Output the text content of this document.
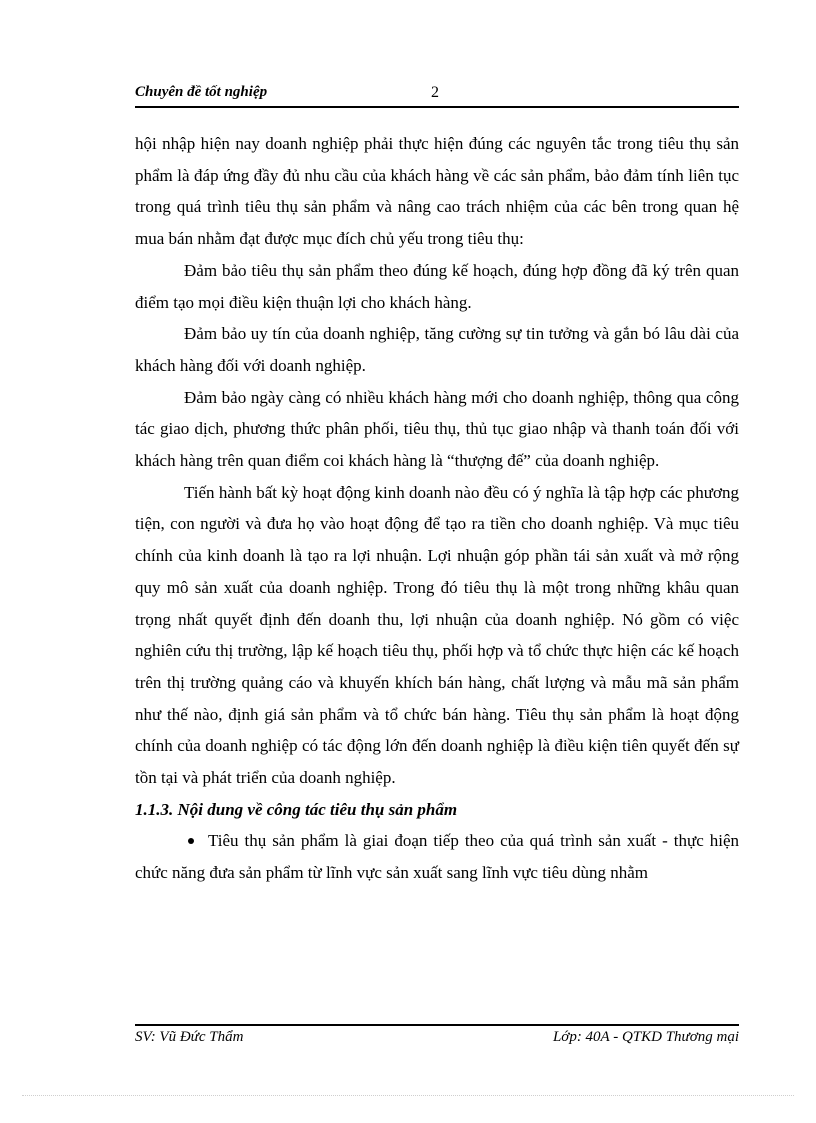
Chuyên đề tốt nghiệp	2

hội nhập hiện nay doanh nghiệp phải thực hiện đúng các nguyên tắc trong tiêu thụ sản phẩm là đáp ứng đầy đủ nhu cầu của khách hàng về các sản phẩm, bảo đảm tính liên tục trong quá trình tiêu thụ sản phẩm và nâng cao trách nhiệm của các bên trong quan hệ mua bán nhằm đạt được mục đích chủ yếu trong tiêu thụ:

Đảm bảo tiêu thụ sản phẩm theo đúng kế hoạch, đúng hợp đồng đã ký trên quan điểm tạo mọi điều kiện thuận lợi cho khách hàng.

Đảm bảo uy tín của doanh nghiệp, tăng cường sự tin tưởng và gắn bó lâu dài của khách hàng đối với doanh nghiệp.

Đảm bảo ngày càng có nhiều khách hàng mới cho doanh nghiệp, thông qua công tác giao dịch, phương thức phân phối, tiêu thụ, thủ tục giao nhập và thanh toán đối với khách hàng trên quan điểm coi khách hàng là “thượng đế” của doanh nghiệp.

Tiến hành bất kỳ hoạt động kinh doanh nào đều có ý nghĩa là tập hợp các phương tiện, con người và đưa họ vào hoạt động để tạo ra tiền cho doanh nghiệp. Và mục tiêu chính của kinh doanh là tạo ra lợi nhuận. Lợi nhuận góp phần tái sản xuất và mở rộng quy mô sản xuất của doanh nghiệp. Trong đó tiêu thụ là một trong những khâu quan trọng nhất quyết định đến doanh thu, lợi nhuận của doanh nghiệp. Nó gồm có việc nghiên cứu thị trường, lập kế hoạch tiêu thụ, phối hợp và tổ chức thực hiện các kế hoạch trên thị trường quảng cáo và khuyến khích bán hàng, chất lượng và mẫu mã sản phẩm như thế nào, định giá sản phẩm và tổ chức bán hàng. Tiêu thụ sản phẩm là hoạt động chính của doanh nghiệp có tác động lớn đến doanh nghiệp là điều kiện tiên quyết đến sự tồn tại và phát triển của doanh nghiệp.

1.1.3. Nội dung về công tác tiêu thụ sản phẩm

Tiêu thụ sản phẩm là giai đoạn tiếp theo của quá trình sản xuất - thực hiện chức năng đưa sản phẩm từ lĩnh vực sản xuất sang lĩnh vực tiêu dùng nhằm

SV: Vũ Đức Thẩm	Lớp: 40A - QTKD Thương mại
